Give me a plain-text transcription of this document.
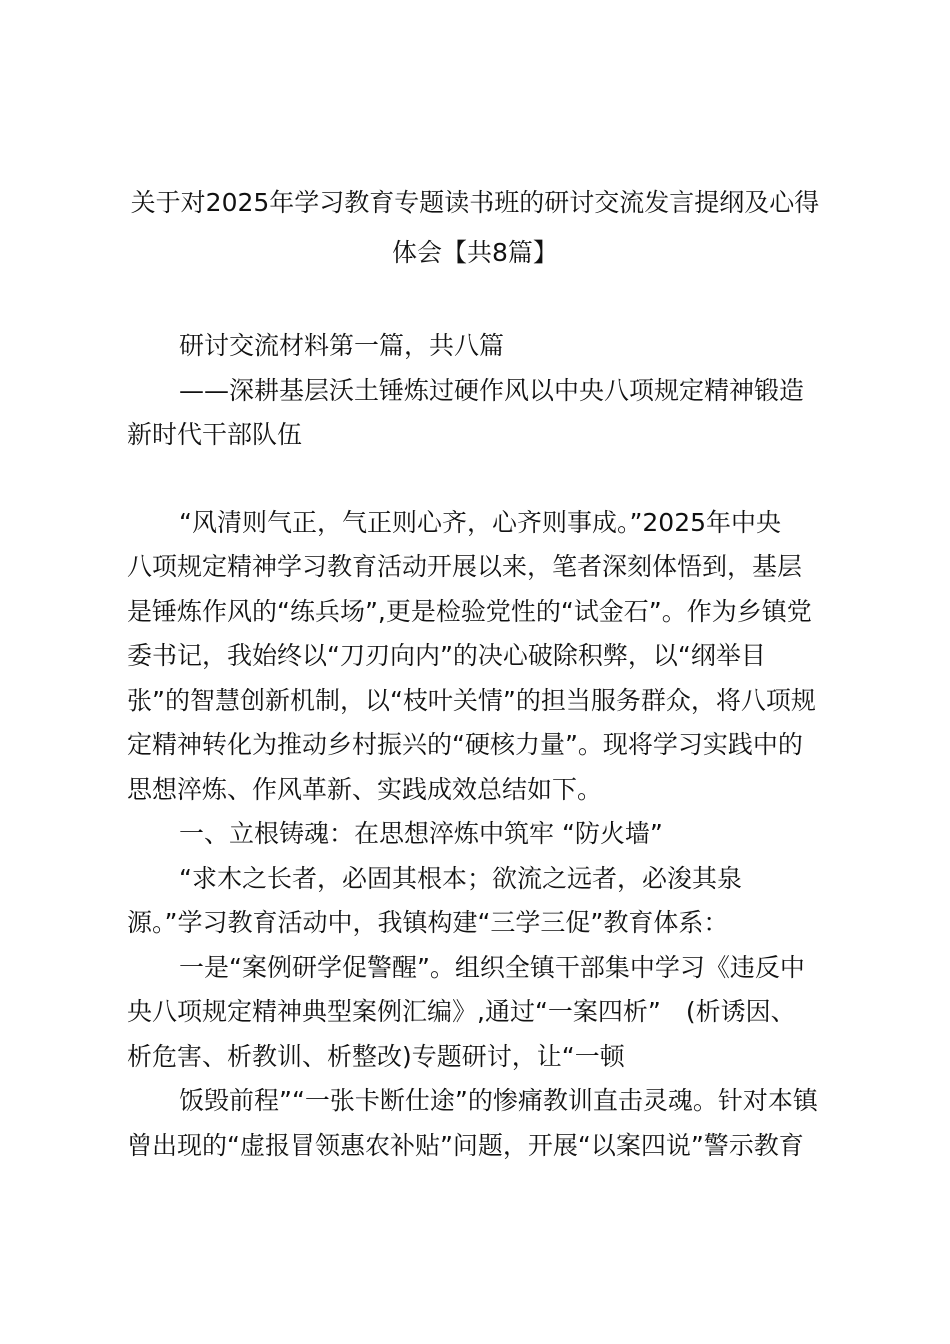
关于对2025年学习教育专题读书班的研讨交流发言提纲及心得
体会【共8篇】
研讨交流材料第一篇，共八篇
——深耕基层沃土锤炼过硬作风以中央八项规定精神锻造
新时代干部队伍
“风清则气正，气正则心齐，心齐则事成。”2025年中央
八项规定精神学习教育活动开展以来，笔者深刻体悟到，基层
是锤炼作风的“练兵场”,更是检验党性的“试金石”。作为乡镇党
委书记，我始终以“刀刃向内”的决心破除积弊，以“纲举目
张”的智慧创新机制，以“枝叶关情”的担当服务群众，将八项规
定精神转化为推动乡村振兴的“硬核力量”。现将学习实践中的
思想淬炼、作风革新、实践成效总结如下。
一、立根铸魂：在思想淬炼中筑牢 “防火墙”
“求木之长者，必固其根本；欲流之远者，必浚其泉
源。”学习教育活动中，我镇构建“三学三促”教育体系：
一是“案例研学促警醒”。组织全镇干部集中学习《违反中
央八项规定精神典型案例汇编》,通过“一案四析”　(析诱因、
析危害、析教训、析整改)专题研讨，让“一顿
饭毁前程”“一张卡断仕途”的惨痛教训直击灵魂。针对本镇
曾出现的“虚报冒领惠农补贴”问题，开展“以案四说”警示教育
